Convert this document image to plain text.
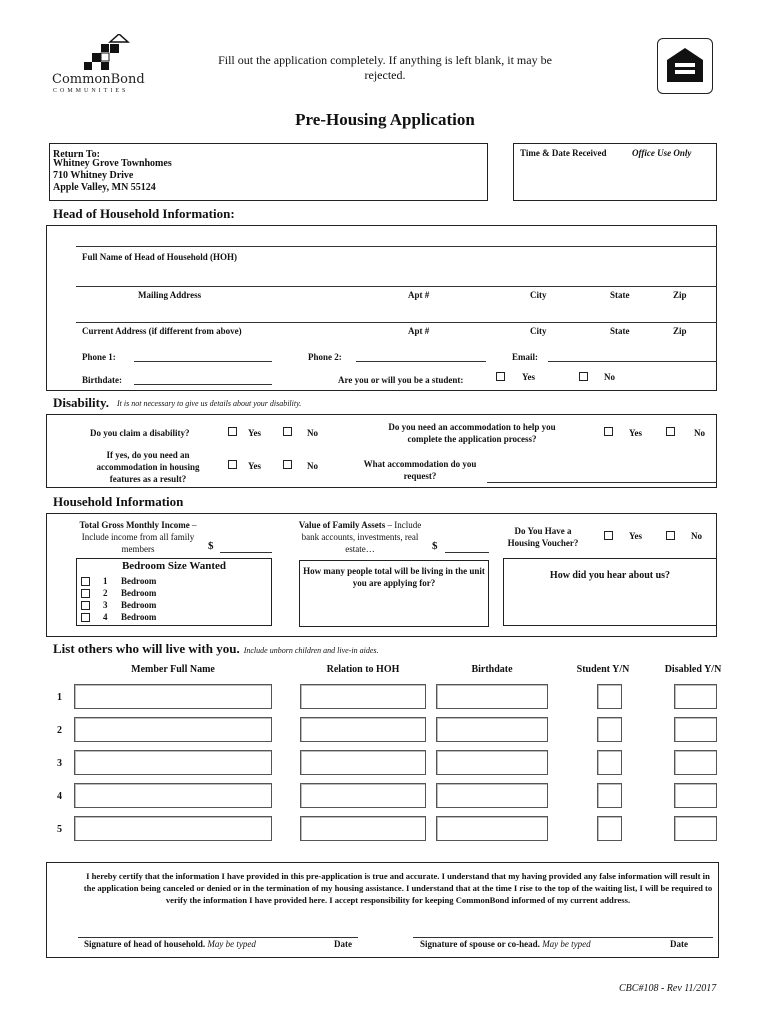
CommonBond
COMMUNITIES
Fill out the application completely. If anything is left blank, it may be rejected.
Pre-Housing Application
Return To:
Whitney Grove Townhomes
710 Whitney Drive
Apple Valley, MN 55124
Time & Date Received	Office Use Only
Head of Household Information:
Full Name of Head of Household (HOH)
Mailing Address	Apt #	City	State	Zip
Current Address (if different from above)	Apt #	City	State	Zip
Phone 1:	Phone 2:	Email:
Birthdate:	Are you or will you be a student:	Yes	No
Disability. It is not necessary to give us details about your disability.
Do you claim a disability?	Yes	No
If yes, do you need an accommodation in housing features as a result?
Yes	No
Do you need an accommodation to help you complete the application process?
Yes	No
What accommodation do you request?
Household Information
Total Gross Monthly Income – Include income from all family members	$
Value of Family Assets – Include bank accounts, investments, real estate…	$
Do You Have a Housing Voucher?
Yes	No
Bedroom Size Wanted
1 Bedroom
2 Bedroom
3 Bedroom
4 Bedroom
How many people total will be living in the unit you are applying for?
How did you hear about us?
List others who will live with you. Include unborn children and live-in aides.
Member Full Name	Relation to HOH	Birthdate	Student Y/N	Disabled Y/N
1
2
3
4
5
I hereby certify that the information I have provided in this pre-application is true and accurate. I understand that my having provided any false information will result in the application being canceled or denied or in the termination of my housing assistance. I understand that at the time I rise to the top of the waiting list, I will be required to verify the information I have provided here. I accept responsibility for keeping CommonBond informed of my current address.
Signature of head of household. May be typed	Date	Signature of spouse or co-head. May be typed	Date
CBC#108 - Rev 11/2017
